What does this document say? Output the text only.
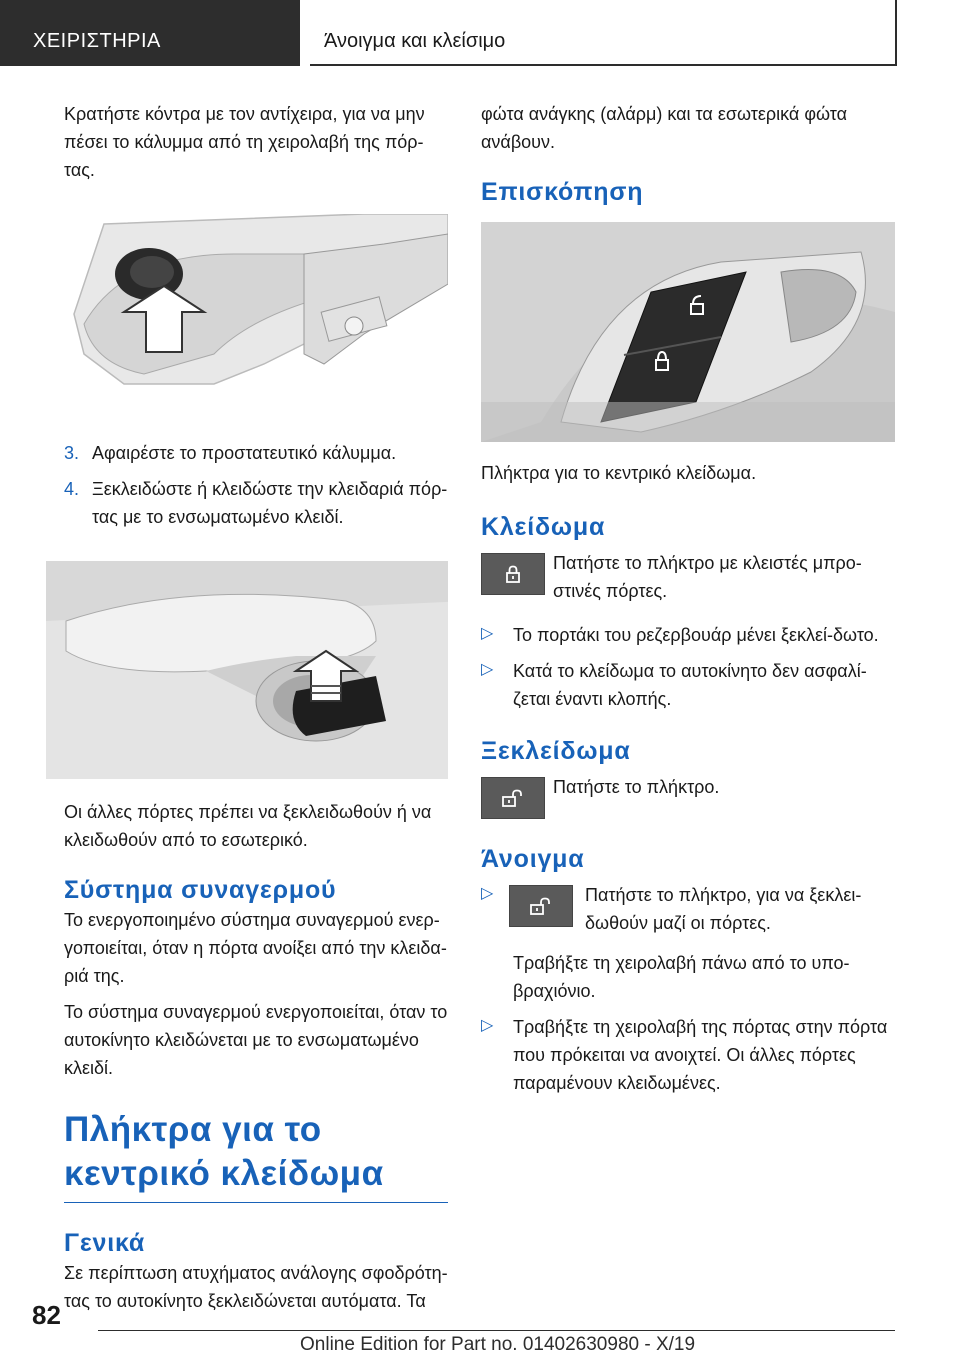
ΧΕΙΡΙΣΤΗΡΙΑ	Άνοιγμα και κλείσιμο

Κρατήστε κόντρα με τον αντίχειρα, για να μην πέσει το κάλυμμα από τη χειρολαβή της πόρ-τας.

3. Αφαιρέστε το προστατευτικό κάλυμμα.
4. Ξεκλειδώστε ή κλειδώστε την κλειδαριά πόρ-τας με το ενσωματωμένο κλειδί.

Οι άλλες πόρτες πρέπει να ξεκλειδωθούν ή να κλειδωθούν από το εσωτερικό.

Σύστημα συναγερμού

Το ενεργοποιημένο σύστημα συναγερμού ενερ-γοποιείται, όταν η πόρτα ανοίξει από την κλειδα-ριά της.

Το σύστημα συναγερμού ενεργοποιείται, όταν το αυτοκίνητο κλειδώνεται με το ενσωματωμένο κλειδί.

Πλήκτρα για το κεντρικό κλείδωμα
Γενικά

Σε περίπτωση ατυχήματος ανάλογης σφοδρότη-τας το αυτοκίνητο ξεκλειδώνεται αυτόματα. Τα

φώτα ανάγκης (αλάρμ) και τα εσωτερικά φώτα ανάβουν.

Επισκόπηση

Πλήκτρα για το κεντρικό κλείδωμα.

Κλείδωμα

Πατήστε το πλήκτρο με κλειστές μπρο-στινές πόρτες.

▷ Το πορτάκι του ρεζερβουάρ μένει ξεκλεί-δωτο.
▷ Κατά το κλείδωμα το αυτοκίνητο δεν ασφαλί-ζεται έναντι κλοπής.
Ξεκλείδωμα

Πατήστε το πλήκτρο.

Άνοιγμα
▷	Πατήστε το πλήκτρο, για να ξεκλει-δωθούν μαζί οι πόρτες.

Τραβήξτε τη χειρολαβή πάνω από το υπο-βραχιόνιο.

▷ Τραβήξτε τη χειρολαβή της πόρτας στην πόρτα που πρόκειται να ανοιχτεί. Οι άλλες πόρτες παραμένουν κλειδωμένες.
82
Online Edition for Part no. 01402630980 - X/19
